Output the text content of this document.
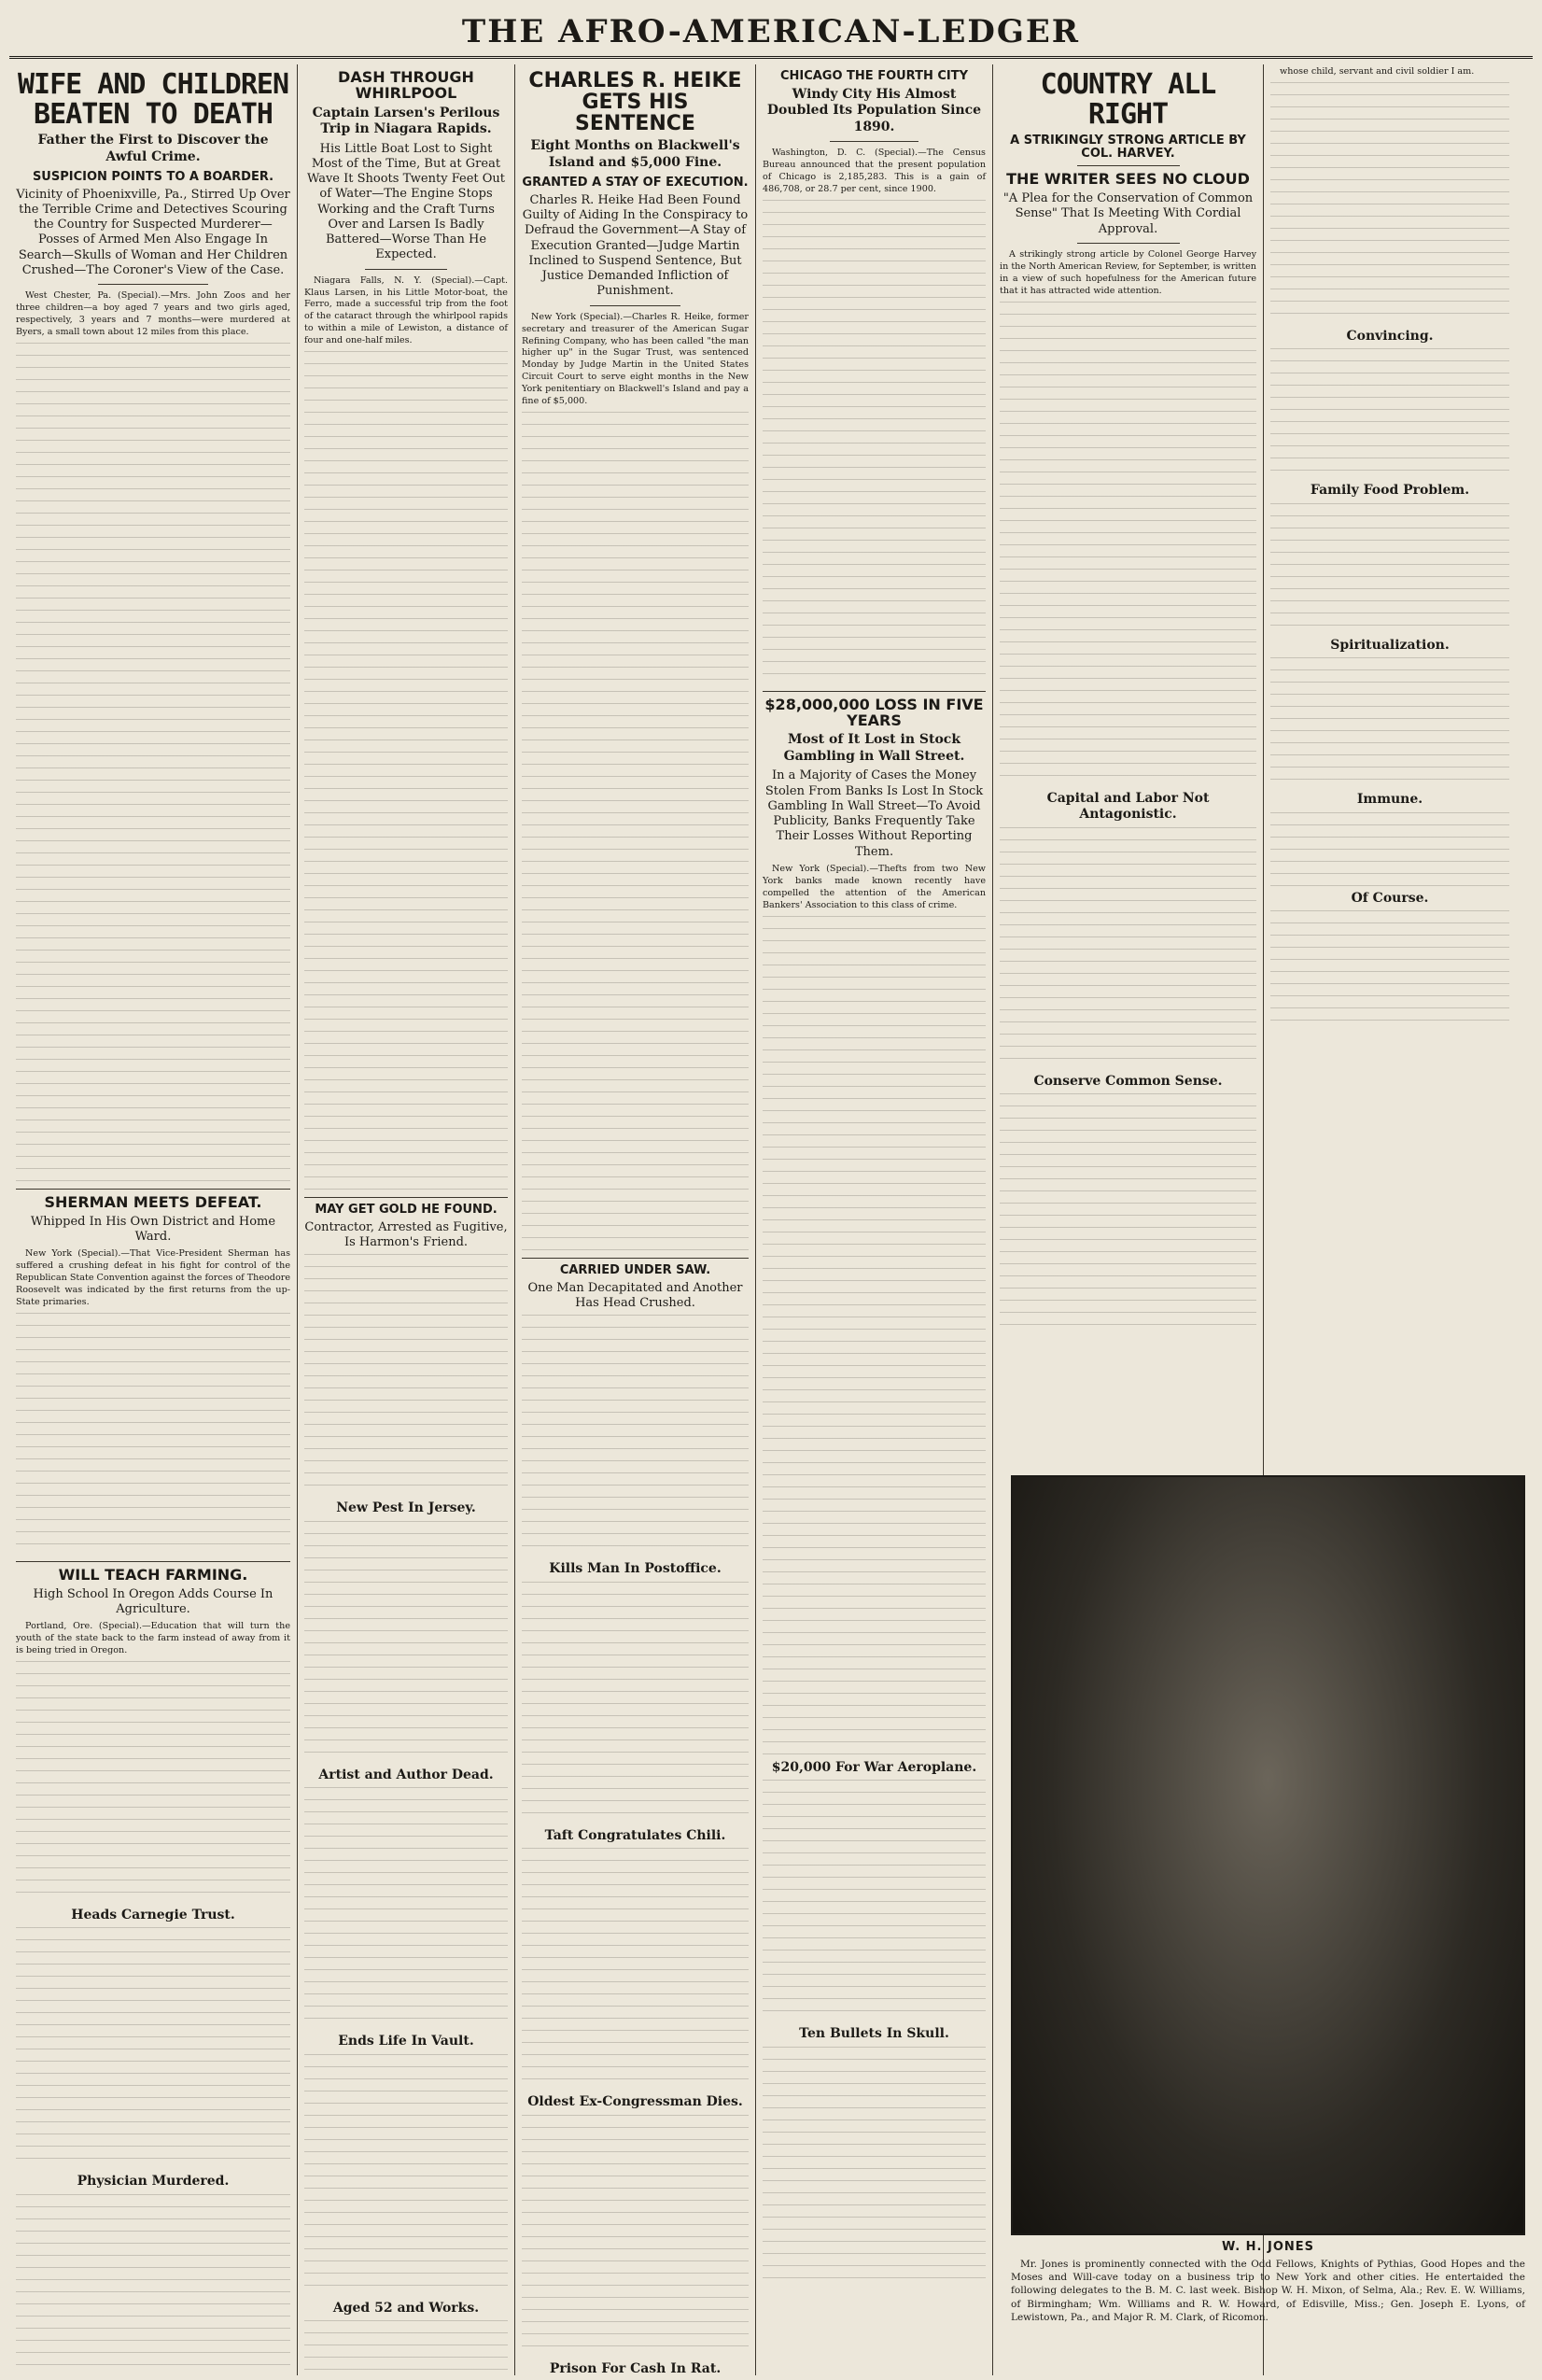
THE AFRO-AMERICAN-LEDGER
WIFE AND CHILDREN BEATEN TO DEATH
Father the First to Discover the Awful Crime.
SUSPICION POINTS TO A BOARDER.
Vicinity of Phoenixville, Pa., Stirred Up Over the Terrible Crime and Detectives Scouring the Country for Suspected Murderer—Posses of Armed Men Also Engage In Search—Skulls of Woman and Her Children Crushed—The Coroner's View of the Case.

West Chester, Pa. (Special).—Mrs. John Zoos and her three children—a boy aged 7 years and two girls aged, respectively, 3 years and 7 months—were murdered at Byers, a small town about 12 miles from this place.

SHERMAN MEETS DEFEAT.
Whipped In His Own District and Home Ward.

New York (Special).—That Vice-President Sherman has suffered a crushing defeat in his fight for control of the Republican State Convention against the forces of Theodore Roosevelt was indicated by the first returns from the up-State primaries.

WILL TEACH FARMING.
High School In Oregon Adds Course In Agriculture.

Portland, Ore. (Special).—Education that will turn the youth of the state back to the farm instead of away from it is being tried in Oregon.

Heads Carnegie Trust.
Physician Murdered.
DASH THROUGH WHIRLPOOL
Captain Larsen's Perilous Trip in Niagara Rapids.
His Little Boat Lost to Sight Most of the Time, But at Great Wave It Shoots Twenty Feet Out of Water—The Engine Stops Working and the Craft Turns Over and Larsen Is Badly Battered—Worse Than He Expected.

Niagara Falls, N. Y. (Special).—Capt. Klaus Larsen, in his Little Motor-boat, the Ferro, made a successful trip from the foot of the cataract through the whirlpool rapids to within a mile of Lewiston, a distance of four and one-half miles.

MAY GET GOLD HE FOUND.
Contractor, Arrested as Fugitive, Is Harmon's Friend.
New Pest In Jersey.
Artist and Author Dead.
Ends Life In Vault.
Aged 52 and Works.
CHARLES R. HEIKE GETS HIS SENTENCE
Eight Months on Blackwell's Island and $5,000 Fine.
GRANTED A STAY OF EXECUTION.
Charles R. Heike Had Been Found Guilty of Aiding In the Conspiracy to Defraud the Government—A Stay of Execution Granted—Judge Martin Inclined to Suspend Sentence, But Justice Demanded Infliction of Punishment.

New York (Special).—Charles R. Heike, former secretary and treasurer of the American Sugar Refining Company, who has been called "the man higher up" in the Sugar Trust, was sentenced Monday by Judge Martin in the United States Circuit Court to serve eight months in the New York penitentiary on Blackwell's Island and pay a fine of $5,000.

CARRIED UNDER SAW.
One Man Decapitated and Another Has Head Crushed.
Kills Man In Postoffice.
Taft Congratulates Chili.
Oldest Ex-Congressman Dies.
Prison For Cash In Rat.
CHICAGO THE FOURTH CITY
Windy City His Almost Doubled Its Population Since 1890.

Washington, D. C. (Special).—The Census Bureau announced that the present population of Chicago is 2,185,283. This is a gain of 486,708, or 28.7 per cent, since 1900.

$28,000,000 LOSS IN FIVE YEARS
Most of It Lost in Stock Gambling in Wall Street.
In a Majority of Cases the Money Stolen From Banks Is Lost In Stock Gambling In Wall Street—To Avoid Publicity, Banks Frequently Take Their Losses Without Reporting Them.

New York (Special).—Thefts from two New York banks made known recently have compelled the attention of the American Bankers' Association to this class of crime.

$20,000 For War Aeroplane.
Ten Bullets In Skull.
COUNTRY ALL RIGHT
A STRIKINGLY STRONG ARTICLE BY COL. HARVEY.
THE WRITER SEES NO CLOUD
"A Plea for the Conservation of Common Sense" That Is Meeting With Cordial Approval.

A strikingly strong article by Colonel George Harvey in the North American Review, for September, is written in a view of such hopefulness for the American future that it has attracted wide attention.

Capital and Labor Not Antagonistic.
Conserve Common Sense.

whose child, servant and civil soldier I am.

Convincing.
Family Food Problem.
Spiritualization.
Immune.
Of Course.
W. H. JONES

Mr. Jones is prominently connected with the Odd Fellows, Knights of Pythias, Good Hopes and the Moses and Will-cave today on a business trip to New York and other cities. He entertaided the following delegates to the B. M. C. last week. Bishop W. H. Mixon, of Selma, Ala.; Rev. E. W. Williams, of Birmingham; Wm. Williams and R. W. Howard, of Edisville, Miss.; Gen. Joseph E. Lyons, of Lewistown, Pa., and Major R. M. Clark, of Ricomon.
